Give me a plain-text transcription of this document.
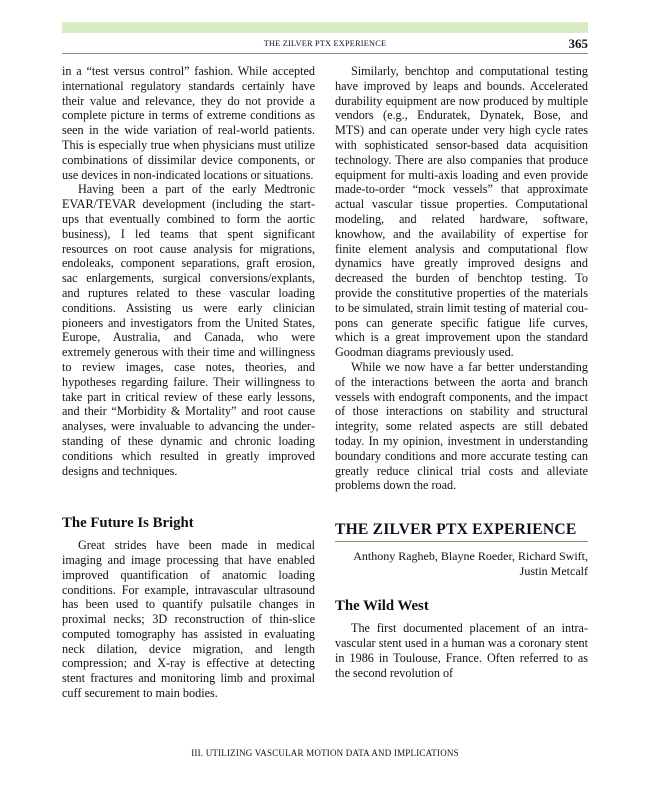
THE ZILVER PTX EXPERIENCE	365

in a “test versus control” fashion. While accepted international regulatory standards certainly have their value and relevance, they do not provide a complete picture in terms of extreme conditions as seen in the wide variation of real-world patients. This is especially true when physicians must utilize combinations of dissimilar device components, or use devices in non-indicated locations or situations.

Having been a part of the early Medtronic EVAR/TEVAR development (including the start-ups that eventually combined to form the aortic business), I led teams that spent significant resources on root cause analysis for migrations, endoleaks, component separations, graft erosion, sac enlargements, surgical conversions/explants, and ruptures related to these vascular loading conditions. Assisting us were early clinician pioneers and investigators from the United States, Europe, Australia, and Canada, who were extremely generous with their time and willingness to review images, case notes, theories, and hypotheses regarding failure. Their willingness to take part in critical review of these early lessons, and their “Morbidity & Mortality” and root cause analyses, were invaluable to advancing the understanding of these dynamic and chronic loading conditions which resulted in greatly improved designs and techniques.

The Future Is Bright

Great strides have been made in medical imaging and image processing that have enabled improved quantification of anatomic loading conditions. For example, intravascular ultrasound has been used to quantify pulsatile changes in proximal necks; 3D reconstruction of thin-slice computed tomography has assisted in evaluating neck dilation, device migration, and length compression; and X-ray is effective at detecting stent fractures and monitoring limb and proximal cuff securement to main bodies.

Similarly, benchtop and computational testing have improved by leaps and bounds. Accelerated durability equipment are now produced by multiple vendors (e.g., Enduratek, Dynatek, Bose, and MTS) and can operate under very high cycle rates with sophisticated sensor-based data acquisition technology. There are also companies that produce equipment for multi-axis loading and even provide made-to-order “mock vessels” that approximate actual vascular tissue properties. Computational modeling, and related hardware, software, knowhow, and the availability of expertise for finite element analysis and computational flow dynamics have greatly improved designs and decreased the burden of benchtop testing. To provide the constitutive properties of the materials to be simulated, strain limit testing of material coupons can generate specific fatigue life curves, which is a great improvement upon the standard Goodman diagrams previously used.

While we now have a far better understanding of the interactions between the aorta and branch vessels with endograft components, and the impact of those interactions on stability and structural integrity, some related aspects are still debated today. In my opinion, investment in understanding boundary conditions and more accurate testing can greatly reduce clinical trial costs and alleviate problems down the road.

THE ZILVER PTX EXPERIENCE
Anthony Ragheb, Blayne Roeder, Richard Swift,
Justin Metcalf
The Wild West

The first documented placement of an intravascular stent used in a human was a coronary stent in 1986 in Toulouse, France. Often referred to as the second revolution of

III. UTILIZING VASCULAR MOTION DATA AND IMPLICATIONS
